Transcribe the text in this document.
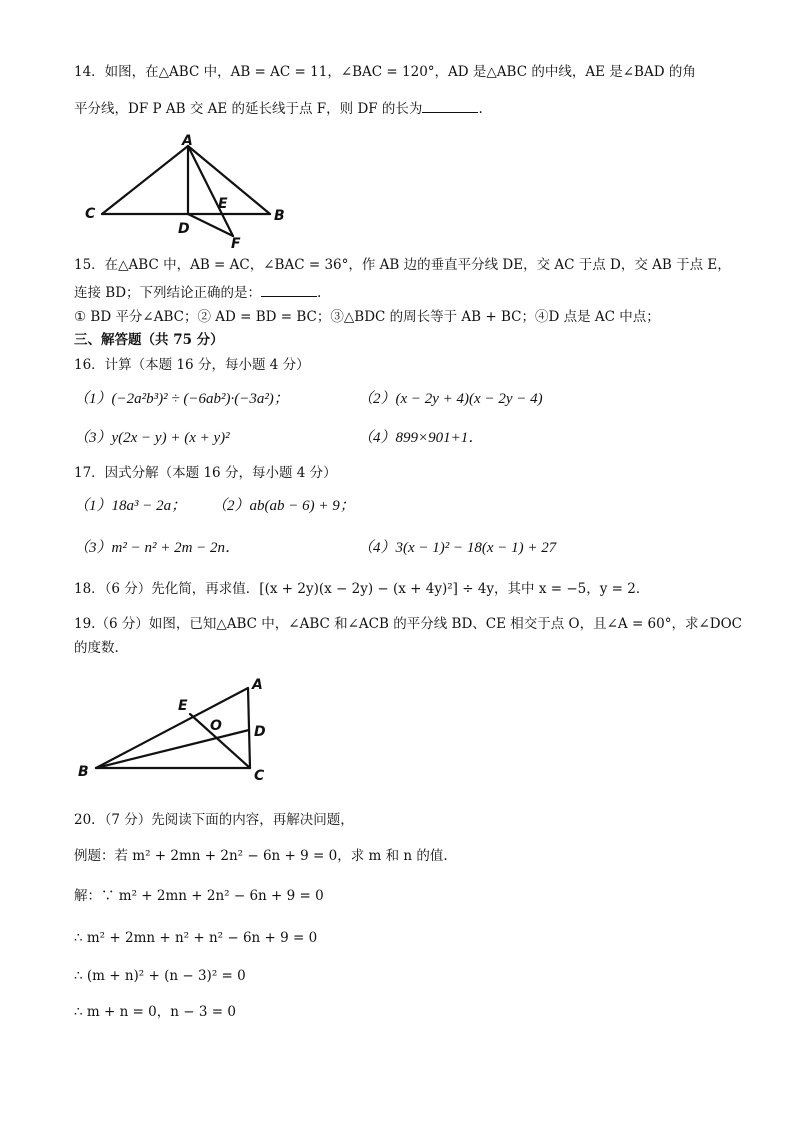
14．如图，在△ABC 中，AB = AC = 11，∠BAC = 120°，AD 是△ABC 的中线，AE 是∠BAD 的角
平分线，DF P AB 交 AE 的延长线于点 F，则 DF 的长为	.
A
C	B
D
E
F
15．在△ABC 中，AB = AC，∠BAC = 36°，作 AB 边的垂直平分线 DE，交 AC 于点 D，交 AB 于点 E，
连接 BD；下列结论正确的是：	.
① BD 平分∠ABC；② AD = BD = BC；③△BDC 的周长等于 AB + BC；④D 点是 AC 中点；
三、解答题（共 75 分）
16．计算（本题 16 分，每小题 4 分）
（1）(−2a²b³)² ÷ (−6ab²)·(−3a²)；	（2）(x − 2y + 4)(x − 2y − 4)
（3）y(2x − y) + (x + y)²	（4）899×901+1．
17．因式分解（本题 16 分，每小题 4 分）
（1）18a³ − 2a； （2）ab(ab − 6) + 9；
（3）m² − n² + 2m − 2n．	（4）3(x − 1)² − 18(x − 1) + 27
18．（6 分）先化简，再求值．[(x + 2y)(x − 2y) − (x + 4y)²] ÷ 4y，其中 x = −5，y = 2．
19.（6 分）如图，已知△ABC 中，∠ABC 和∠ACB 的平分线 BD、CE 相交于点 O，且∠A = 60°，求∠DOC
的度数.
A
B	C
D
E
O
20．（7 分）先阅读下面的内容，再解决问题，
例题：若 m² + 2mn + 2n² − 6n + 9 = 0，求 m 和 n 的值.
解：∵ m² + 2mn + 2n² − 6n + 9 = 0
∴ m² + 2mn + n² + n² − 6n + 9 = 0
∴ (m + n)² + (n − 3)² = 0
∴ m + n = 0，n − 3 = 0
